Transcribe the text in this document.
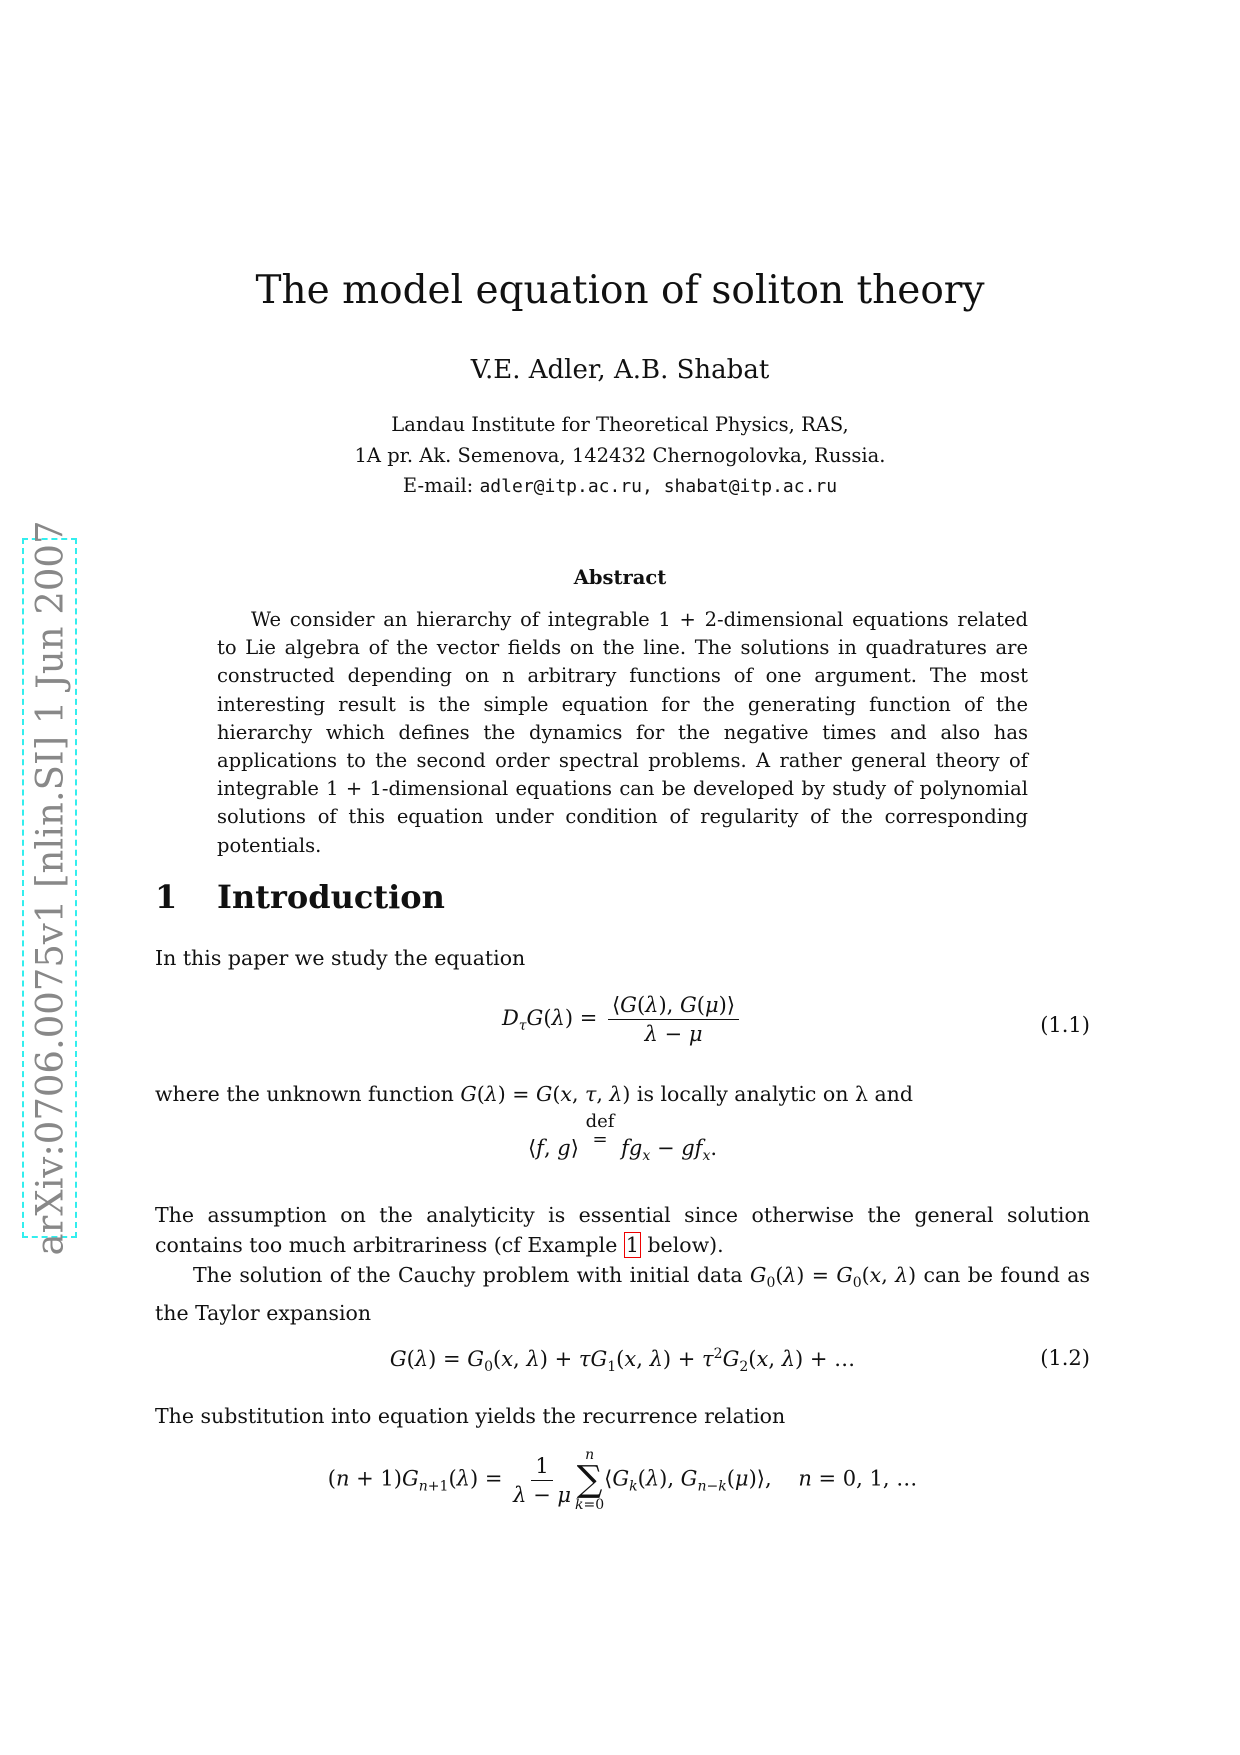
arXiv:0706.0075v1 [nlin.SI] 1 Jun 2007
The model equation of soliton theory
V.E. Adler, A.B. Shabat
Landau Institute for Theoretical Physics, RAS,
1A pr. Ak. Semenova, 142432 Chernogolovka, Russia.
E-mail: adler@itp.ac.ru, shabat@itp.ac.ru
Abstract

We consider an hierarchy of integrable 1 + 2-dimensional equations related to Lie algebra of the vector fields on the line. The solutions in quadratures are constructed depending on n arbitrary functions of one argument. The most interesting result is the simple equation for the generating function of the hierarchy which defines the dynamics for the negative times and also has applications to the second order spectral problems. A rather general theory of integrable 1 + 1-dimensional equations can be developed by study of polynomial solutions of this equation under condition of regularity of the corresponding potentials.

1 Introduction
In this paper we study the equation
$D_\tau G(\lambda) = \frac{⟨G(\lambda), G(\mu)⟩}{\lambda - \mu}$	(1.1)
where the unknown function G(λ) = G(x, τ, λ) is locally analytic on λ and
⟨f, g⟩ def
= $fg_x - gf_x$.

The assumption on the analyticity is essential since otherwise the general solution contains too much arbitrariness (cf Example 1 below).

The solution of the Cauchy problem with initial data $G_0(\lambda) = G_0(x$, λ) can be found as the Taylor expansion

$G(\lambda) = G_0(x$, $\lambda) + \tau G_1(x$, $\lambda) + \tau^2G_2(x$, λ) + …	(1.2)
The substitution into equation yields the recurrence relation
$(n + 1)G_{n+1}(\lambda) = \frac{1}{\lambda - \mu}$ n
∑
k=0
$⟨G_k(\lambda)$, $G_{n-k}(\mu)⟩$,    n = 0, 1, …
